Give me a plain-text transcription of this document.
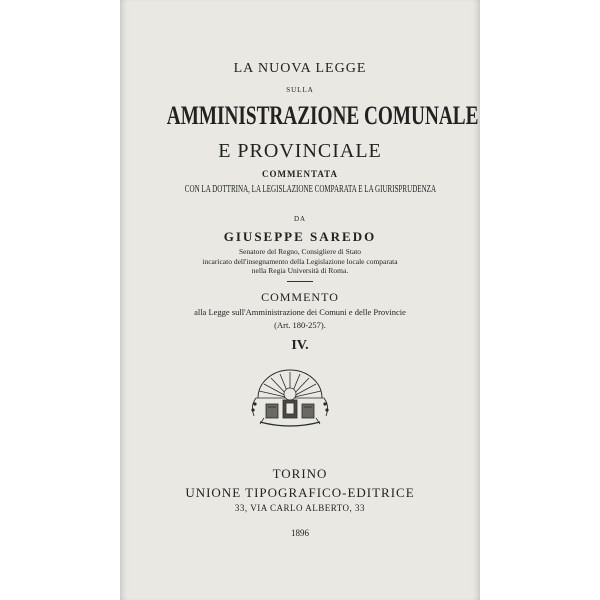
LA NUOVA LEGGE
SULLA
AMMINISTRAZIONE COMUNALE
E PROVINCIALE
COMMENTATA
CON LA DOTTRINA, LA LEGISLAZIONE COMPARATA E LA GIURISPRUDENZA
DA
GIUSEPPE SAREDO
Senatore del Regno, Consigliere di Stato
incaricato dell'insegnamento della Legislazione locale comparata
nella Regia Università di Roma.
COMMENTO
alla Legge sull'Amministrazione dei Comuni e delle Provincie
(Art. 180-257).
IV.
TORINO
UNIONE TIPOGRAFICO-EDITRICE
33, VIA CARLO ALBERTO, 33
1896
